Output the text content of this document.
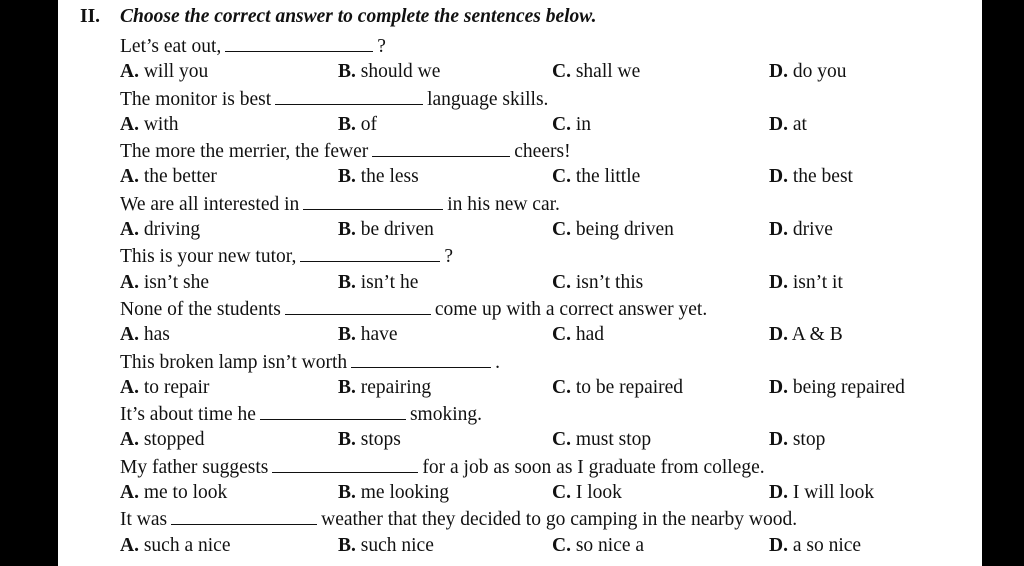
II. Choose the correct answer to complete the sentences below.
Let’s eat out,	?
A. will you	B. should we	C. shall we	D. do you
The monitor is best	language skills.
A. with	B. of	C. in	D. at
The more the merrier, the fewer	cheers!
A. the better	B. the less	C. the little	D. the best
We are all interested in	in his new car.
A. driving	B. be driven	C. being driven	D. drive
This is your new tutor,	?
A. isn’t she	B. isn’t he	C. isn’t this	D. isn’t it
None of the students	come up with a correct answer yet.
A. has	B. have	C. had	D. A & B
This broken lamp isn’t worth	.
A. to repair	B. repairing	C. to be repaired	D. being repaired
It’s about time he	smoking.
A. stopped	B. stops	C. must stop	D. stop
My father suggests	for a job as soon as I graduate from college.
A. me to look	B. me looking	C. I look	D. I will look
It was	weather that they decided to go camping in the nearby wood.
A. such a nice	B. such nice	C. so nice a	D. a so nice
